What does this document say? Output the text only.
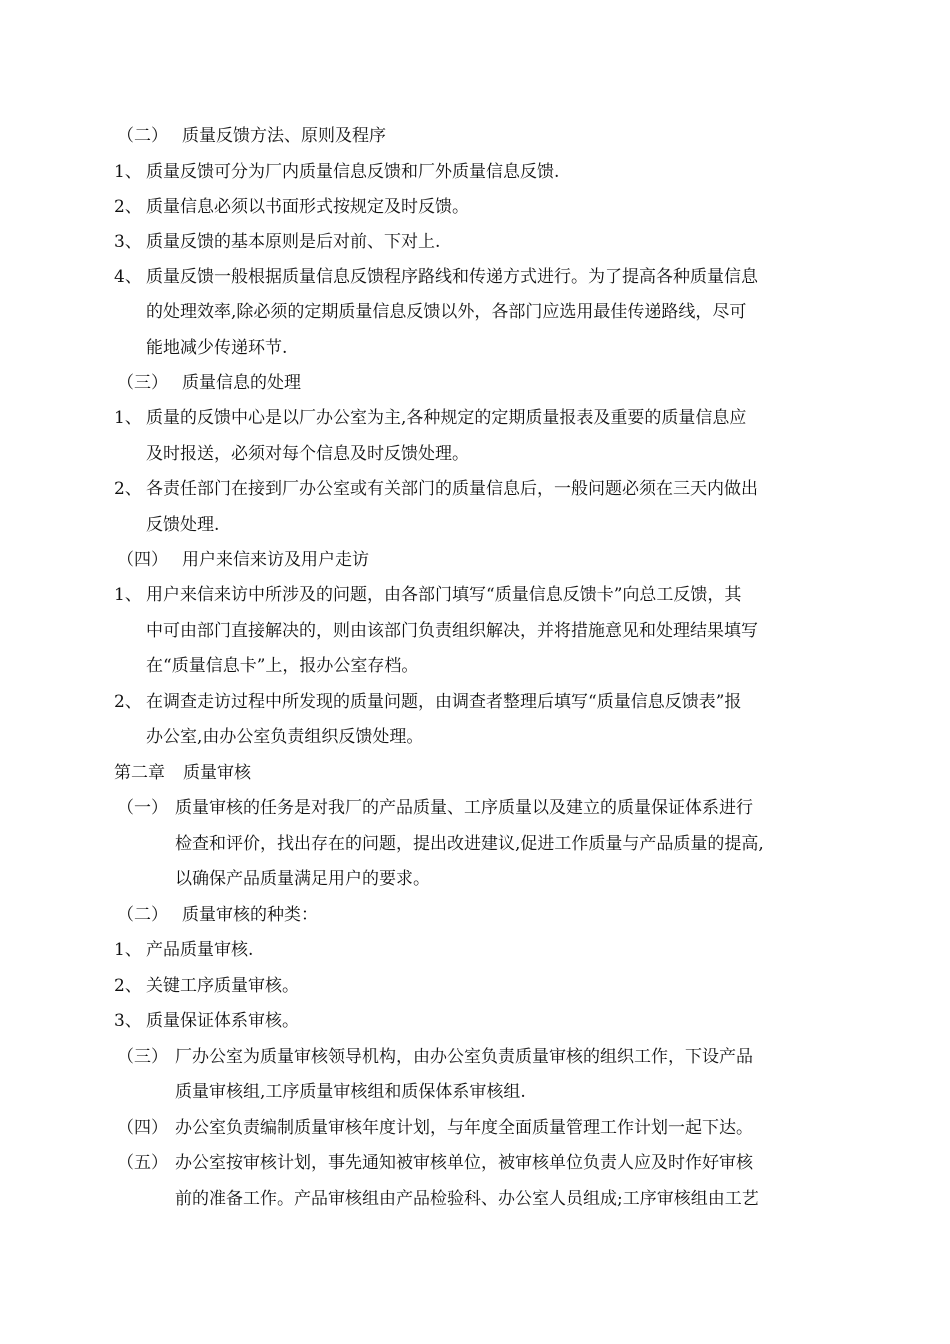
（二） 质量反馈方法、原则及程序
1、 质量反馈可分为厂内质量信息反馈和厂外质量信息反馈.
2、 质量信息必须以书面形式按规定及时反馈。
3、 质量反馈的基本原则是后对前、下对上.
4、 质量反馈一般根据质量信息反馈程序路线和传递方式进行。为了提高各种质量信息
的处理效率,除必须的定期质量信息反馈以外，各部门应选用最佳传递路线，尽可
能地减少传递环节.
（三） 质量信息的处理
1、 质量的反馈中心是以厂办公室为主,各种规定的定期质量报表及重要的质量信息应
及时报送，必须对每个信息及时反馈处理。
2、 各责任部门在接到厂办公室或有关部门的质量信息后，一般问题必须在三天内做出
反馈处理.
（四） 用户来信来访及用户走访
1、 用户来信来访中所涉及的问题，由各部门填写“质量信息反馈卡”向总工反馈，其
中可由部门直接解决的，则由该部门负责组织解决，并将措施意见和处理结果填写
在“质量信息卡”上，报办公室存档。
2、 在调查走访过程中所发现的质量问题，由调查者整理后填写“质量信息反馈表”报
办公室,由办公室负责组织反馈处理。
第二章 质量审核
（一） 质量审核的任务是对我厂的产品质量、工序质量以及建立的质量保证体系进行
检查和评价，找出存在的问题，提出改进建议,促进工作质量与产品质量的提高,
以确保产品质量满足用户的要求。
（二） 质量审核的种类：
1、 产品质量审核.
2、 关键工序质量审核。
3、 质量保证体系审核。
（三） 厂办公室为质量审核领导机构，由办公室负责质量审核的组织工作，下设产品
质量审核组,工序质量审核组和质保体系审核组.
（四） 办公室负责编制质量审核年度计划，与年度全面质量管理工作计划一起下达。
（五） 办公室按审核计划，事先通知被审核单位，被审核单位负责人应及时作好审核
前的准备工作。产品审核组由产品检验科、办公室人员组成;工序审核组由工艺
